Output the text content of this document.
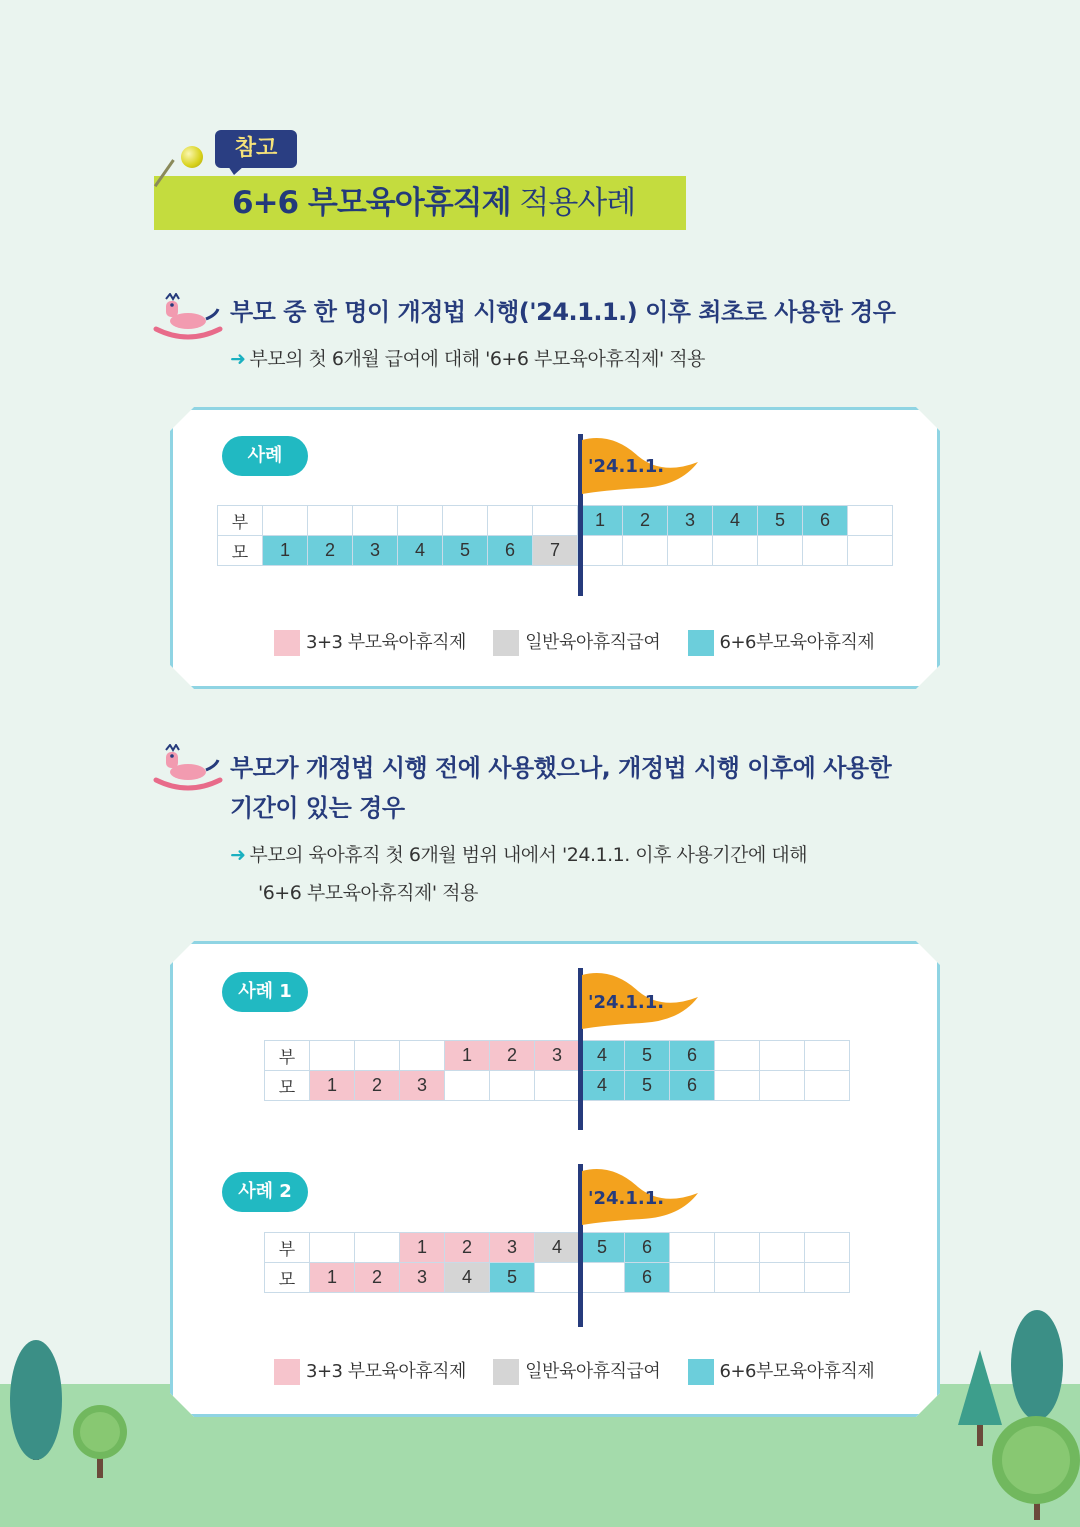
참고
6+6 부모육아휴직제 적용사례
부모 중 한 명이 개정법 시행('24.1.1.) 이후 최초로 사용한 경우
➜ 부모의 첫 6개월 급여에 대해 '6+6 부모육아휴직제' 적용
사례
부								1	2	3	4	5	6	
모	1	2	3	4	5	6	7							
'24.1.1.
3+3 부모육아휴직제	일반육아휴직급여	6+6부모육아휴직제
부모가 개정법 시행 전에 사용했으나, 개정법 시행 이후에 사용한
기간이 있는 경우
➜ 부모의 육아휴직 첫 6개월 범위 내에서 '24.1.1. 이후 사용기간에 대해
'6+6 부모육아휴직제' 적용
사례 1
부				1	2	3	4	5	6			
모	1	2	3				4	5	6			
'24.1.1.
사례 2
부			1	2	3	4	5	6				
모	1	2	3	4	5			6				
'24.1.1.
3+3 부모육아휴직제	일반육아휴직급여	6+6부모육아휴직제
